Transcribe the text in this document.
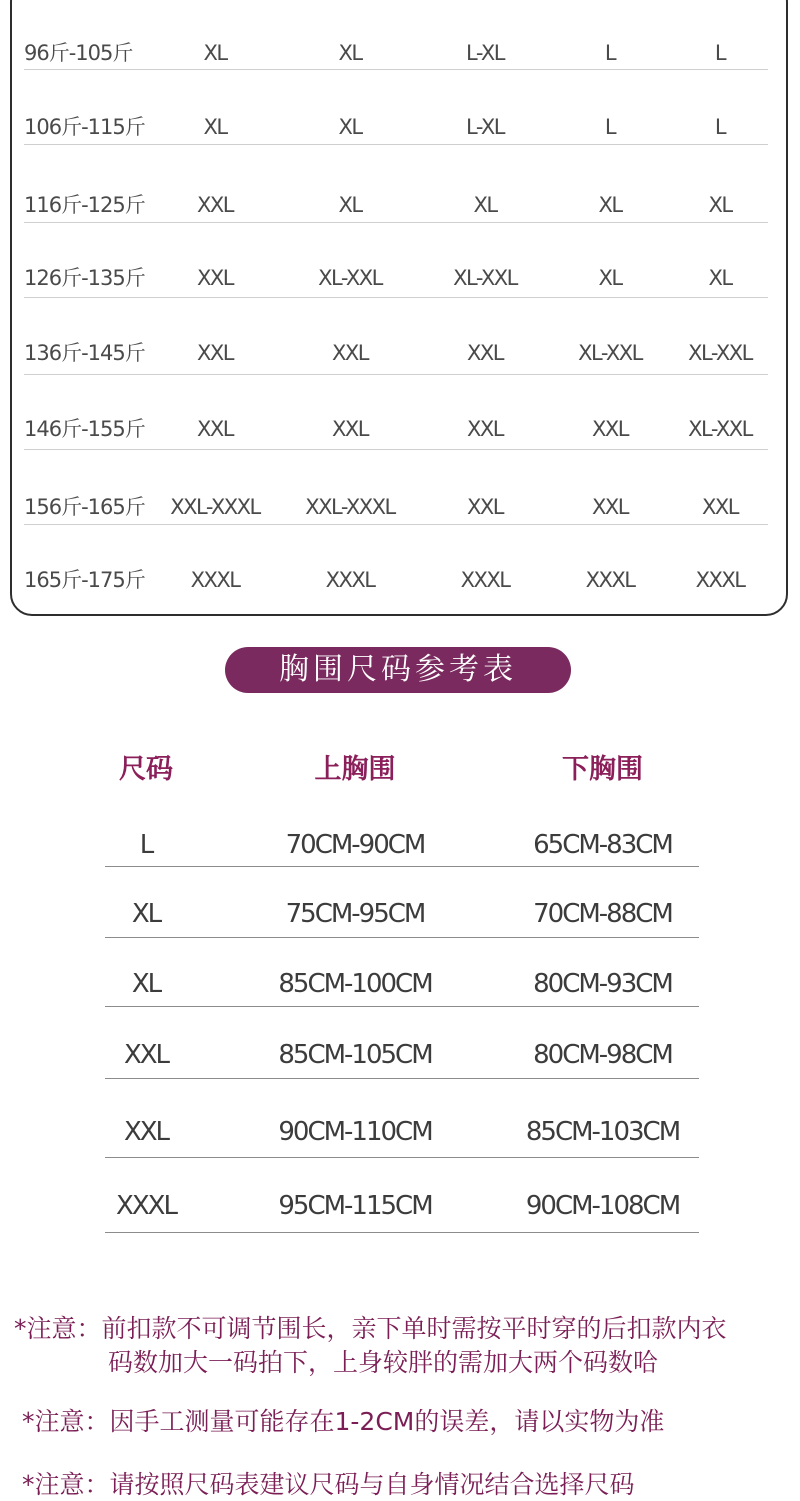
96斤-105斤	XL	XL	L-XL	L	L
106斤-115斤	XL	XL	L-XL	L	L
116斤-125斤	XXL	XL	XL	XL	XL
126斤-135斤	XXL	XL-XXL	XL-XXL	XL	XL
136斤-145斤	XXL	XXL	XXL	XL-XXL	XL-XXL
146斤-155斤	XXL	XXL	XXL	XXL	XL-XXL
156斤-165斤	XXL-XXXL	XXL-XXXL	XXL	XXL	XXL
165斤-175斤	XXXL	XXXL	XXXL	XXXL	XXXL
胸围尺码参考表
尺码	上胸围	下胸围
L	70CM-90CM	65CM-83CM
XL	75CM-95CM	70CM-88CM
XL	85CM-100CM	80CM-93CM
XXL	85CM-105CM	80CM-98CM
XXL	90CM-110CM	85CM-103CM
XXXL	95CM-115CM	90CM-108CM
*注意：前扣款不可调节围长，亲下单时需按平时穿的后扣款内衣
码数加大一码拍下，上身较胖的需加大两个码数哈
*注意：因手工测量可能存在1-2CM的误差，请以实物为准
*注意：请按照尺码表建议尺码与自身情况结合选择尺码
